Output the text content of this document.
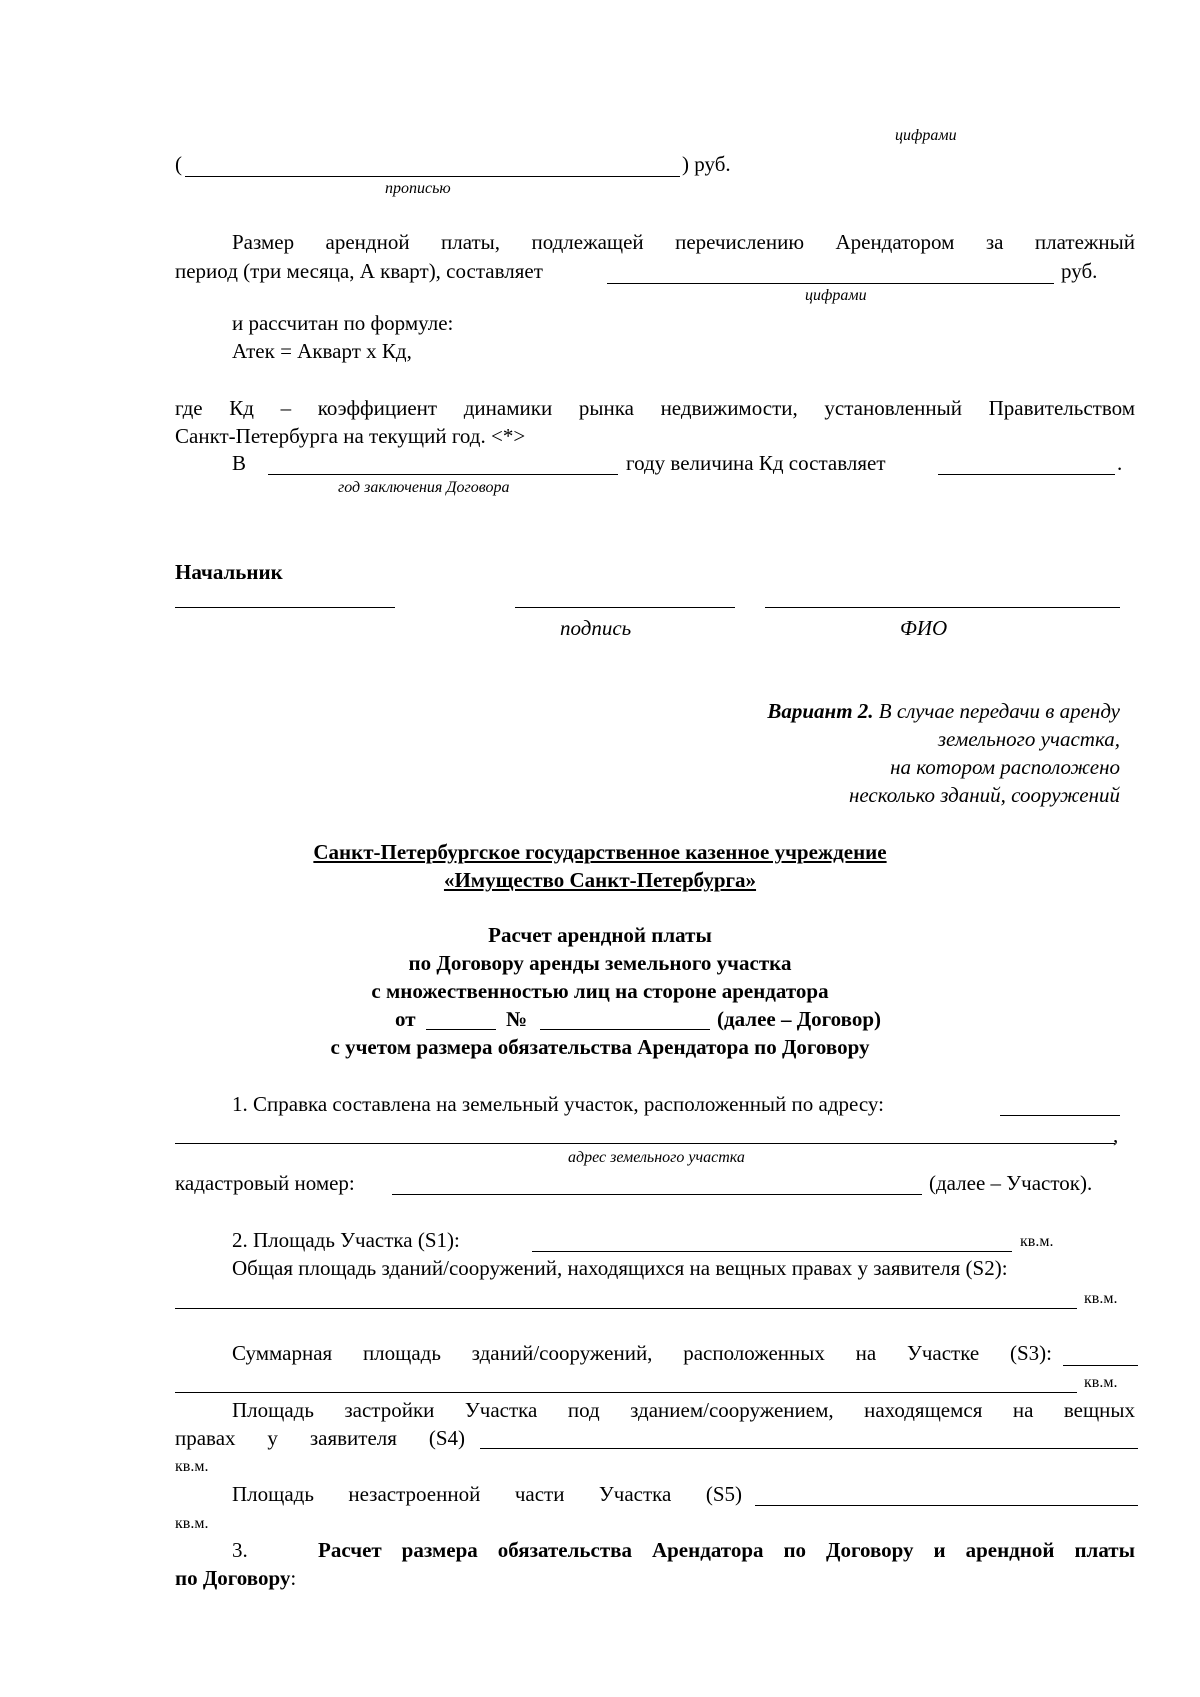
цифрами
(	) руб.
прописью
Размер арендной платы, подлежащей перечислению Арендатором за платежный
период (три месяца, А кварт), составляет	руб.
цифрами
и рассчитан по формуле:
Атек = Акварт х Кд,
где Кд – коэффициент динамики рынка недвижимости, установленный Правительством
Санкт-Петербурга на текущий год. <*>
В	году величина Кд составляет	.
год заключения Договора
Начальник
подпись	ФИО
Вариант 2. В случае передачи в аренду
земельного участка,
на котором расположено
несколько зданий, сооружений
Санкт-Петербургское государственное казенное учреждение
«Имущество Санкт-Петербурга»
Расчет арендной платы
по Договору аренды земельного участка
с множественностью лиц на стороне арендатора
от	№	(далее – Договор)
с учетом размера обязательства Арендатора по Договору
1. Справка составлена на земельный участок, расположенный по адресу:
,
адрес земельного участка
кадастровый номер:	(далее – Участок).
2. Площадь Участка (S1):	кв.м.
Общая площадь зданий/сооружений, находящихся на вещных правах у заявителя (S2):
кв.м.
Суммарная площадь зданий/сооружений, расположенных на Участке (S3):
кв.м.
Площадь застройки Участка под зданием/сооружением, находящемся на вещных
правах у заявителя (S4)
кв.м.
Площадь незастроенной части Участка (S5)
кв.м.
3.	Расчет размера обязательства Арендатора по Договору и арендной платы
по Договору:
